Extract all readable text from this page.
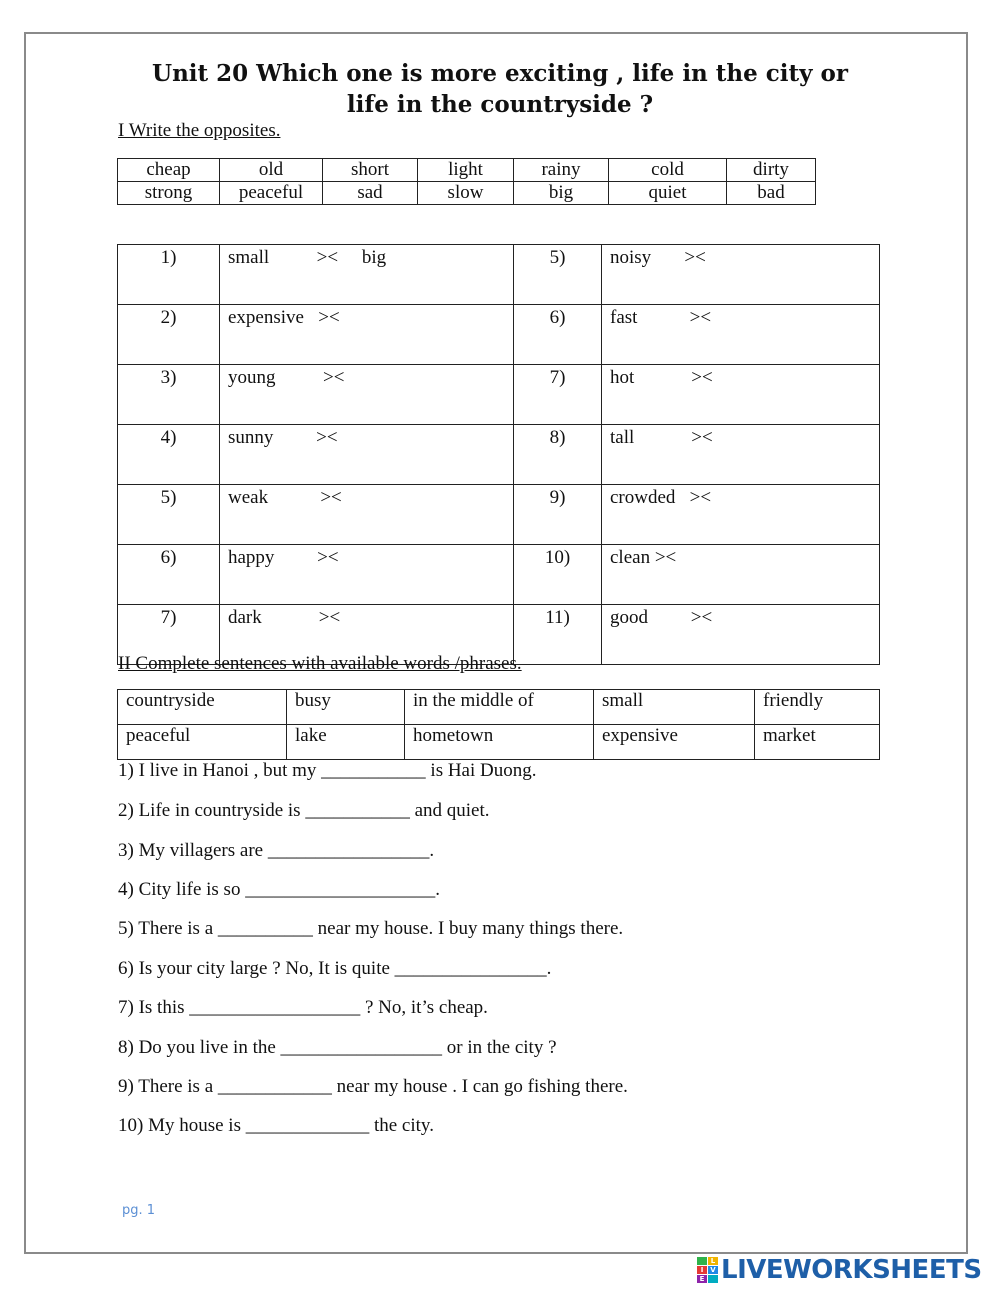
Unit 20 Which one is more exciting , life in the city or
life in the countryside ?
I Write the opposites.
cheap	old	short	light	rainy	cold	dirty
strong	peaceful	sad	slow	big	quiet	bad
1)	small          ><     big	5)	noisy       ><
2)	expensive   ><	6)	fast           ><
3)	young          ><	7)	hot            ><
4)	sunny         ><	8)	tall            ><
5)	weak           ><	9)	crowded   ><
6)	happy         ><	10)	clean ><
7)	dark            ><	11)	good         ><
II Complete sentences with available words /phrases.
countryside	busy	in the middle of	small	friendly
peaceful	lake	hometown	expensive	market
1) I live in Hanoi , but my ___________ is Hai Duong.
2) Life in countryside is ___________ and quiet.
3) My villagers are _________________.
4) City life is so ____________________.
5) There is a __________ near my house. I buy many things there.
6) Is your city large ? No, It is quite ________________.
7) Is this __________________ ? No, it’s cheap.
8) Do you live in the _________________ or in the city ?
9) There is a ____________ near my house . I can go fishing there.
10) My house is _____________ the city.
pg. 1
L
I V
E LIVEWORKSHEETS
